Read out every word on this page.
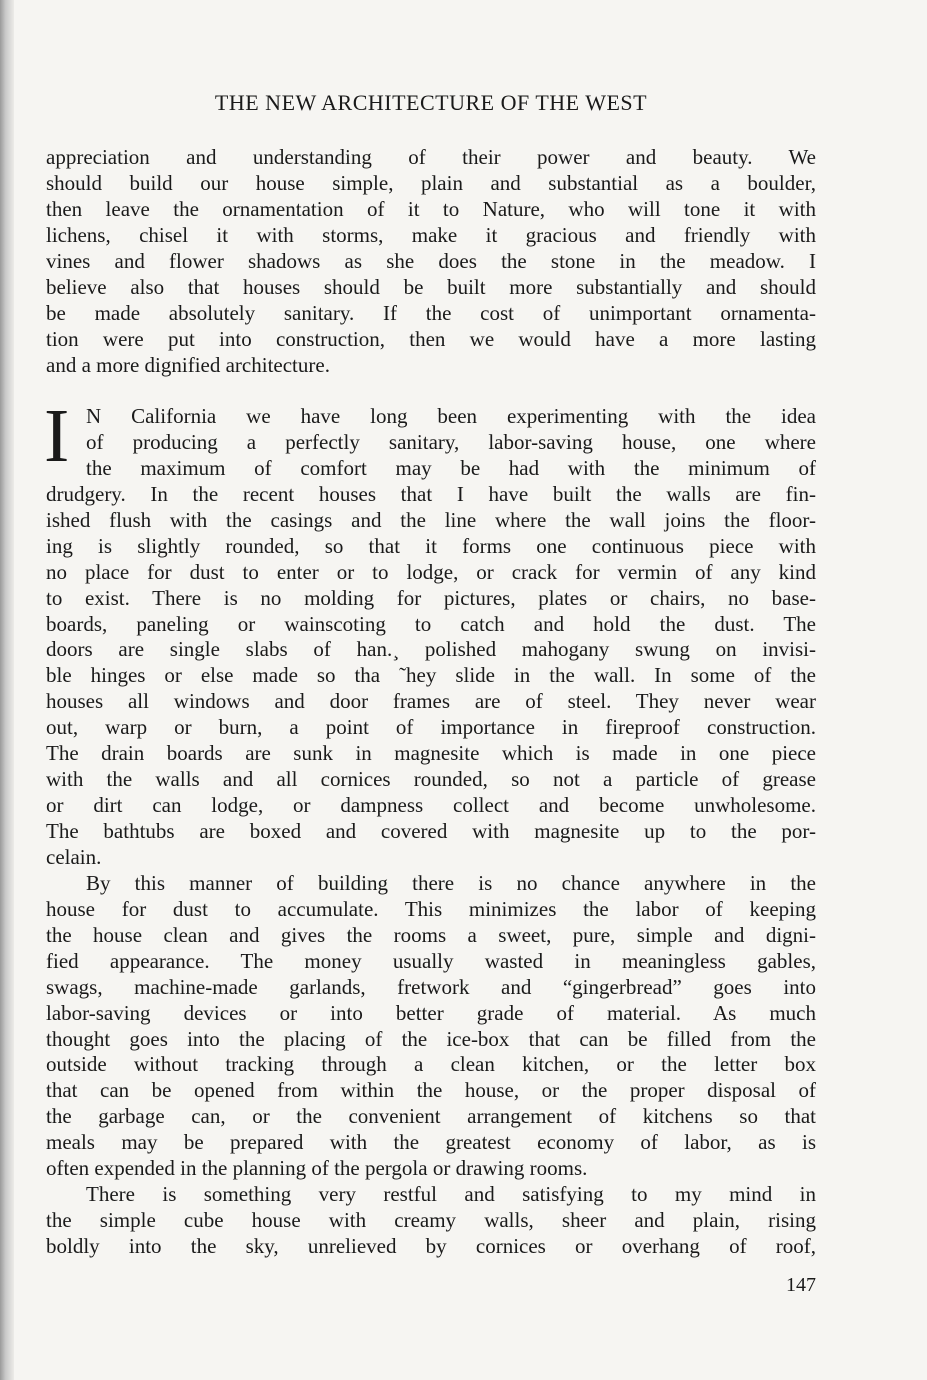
THE NEW ARCHITECTURE OF THE WEST
appreciation and understanding of their power and beauty. We
should build our house simple, plain and substantial as a boulder,
then leave the ornamentation of it to Nature, who will tone it with
lichens, chisel it with storms, make it gracious and friendly with
vines and flower shadows as she does the stone in the meadow. I
believe also that houses should be built more substantially and should
be made absolutely sanitary. If the cost of unimportant ornamenta-
tion were put into construction, then we would have a more lasting
and a more dignified architecture.
I N California we have long been experimenting with the idea
of producing a perfectly sanitary, labor-saving house, one where
the maximum of comfort may be had with the minimum of
drudgery. In the recent houses that I have built the walls are fin-
ished flush with the casings and the line where the wall joins the floor-
ing is slightly rounded, so that it forms one continuous piece with
no place for dust to enter or to lodge, or crack for vermin of any kind
to exist. There is no molding for pictures, plates or chairs, no base-
boards, paneling or wainscoting to catch and hold the dust. The
doors are single slabs of han.¸ polished mahogany swung on invisi-
ble hinges or else made so tha ˜hey slide in the wall. In some of the
houses all windows and door frames are of steel. They never wear
out, warp or burn, a point of importance in fireproof construction.
The drain boards are sunk in magnesite which is made in one piece
with the walls and all cornices rounded, so not a particle of grease
or dirt can lodge, or dampness collect and become unwholesome.
The bathtubs are boxed and covered with magnesite up to the por-
celain.
By this manner of building there is no chance anywhere in the
house for dust to accumulate. This minimizes the labor of keeping
the house clean and gives the rooms a sweet, pure, simple and digni-
fied appearance. The money usually wasted in meaningless gables,
swags, machine-made garlands, fretwork and “gingerbread” goes into
labor-saving devices or into better grade of material. As much
thought goes into the placing of the ice-box that can be filled from the
outside without tracking through a clean kitchen, or the letter box
that can be opened from within the house, or the proper disposal of
the garbage can, or the convenient arrangement of kitchens so that
meals may be prepared with the greatest economy of labor, as is
often expended in the planning of the pergola or drawing rooms.
There is something very restful and satisfying to my mind in
the simple cube house with creamy walls, sheer and plain, rising
boldly into the sky, unrelieved by cornices or overhang of roof,
147
